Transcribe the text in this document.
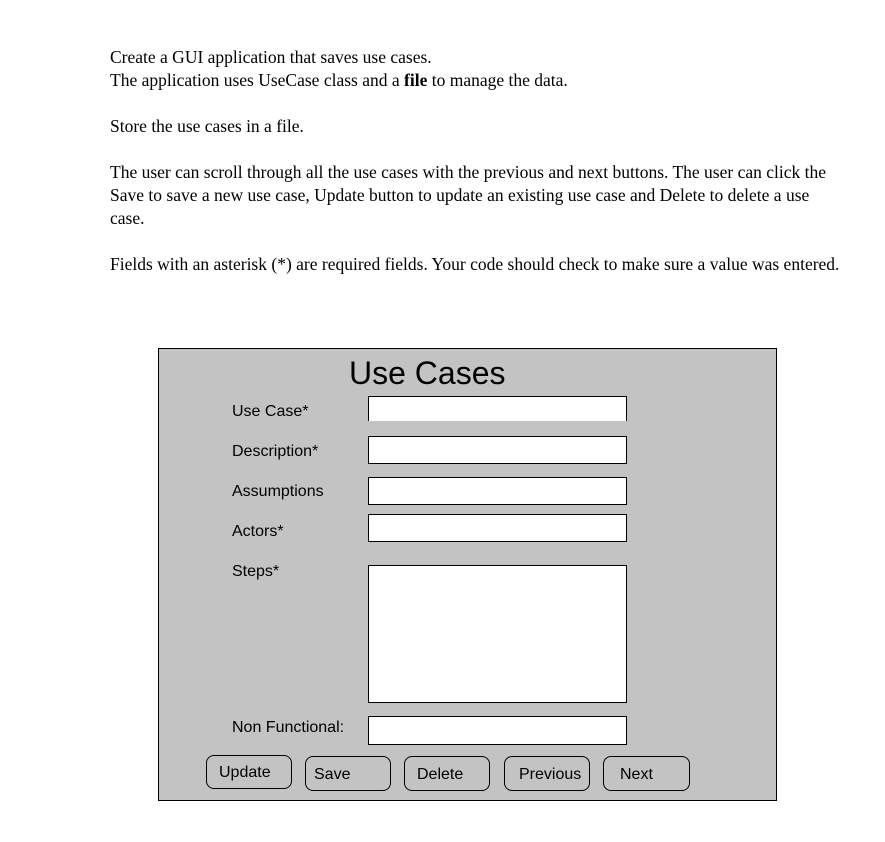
Create a GUI application that saves use cases.
The application uses UseCase class and a file to manage the data.

Store the use cases in a file.

The user can scroll through all the use cases with the previous and next buttons. The user can click the Save to save a new use case, Update button to update an existing use case and Delete to delete a use case.

Fields with an asterisk (*) are required fields. Your code should check to make sure a value was entered.

Use Cases
Use Case*
Description*
Assumptions
Actors*
Steps*
Non Functional:
Update	Save	Delete	Previous	Next
